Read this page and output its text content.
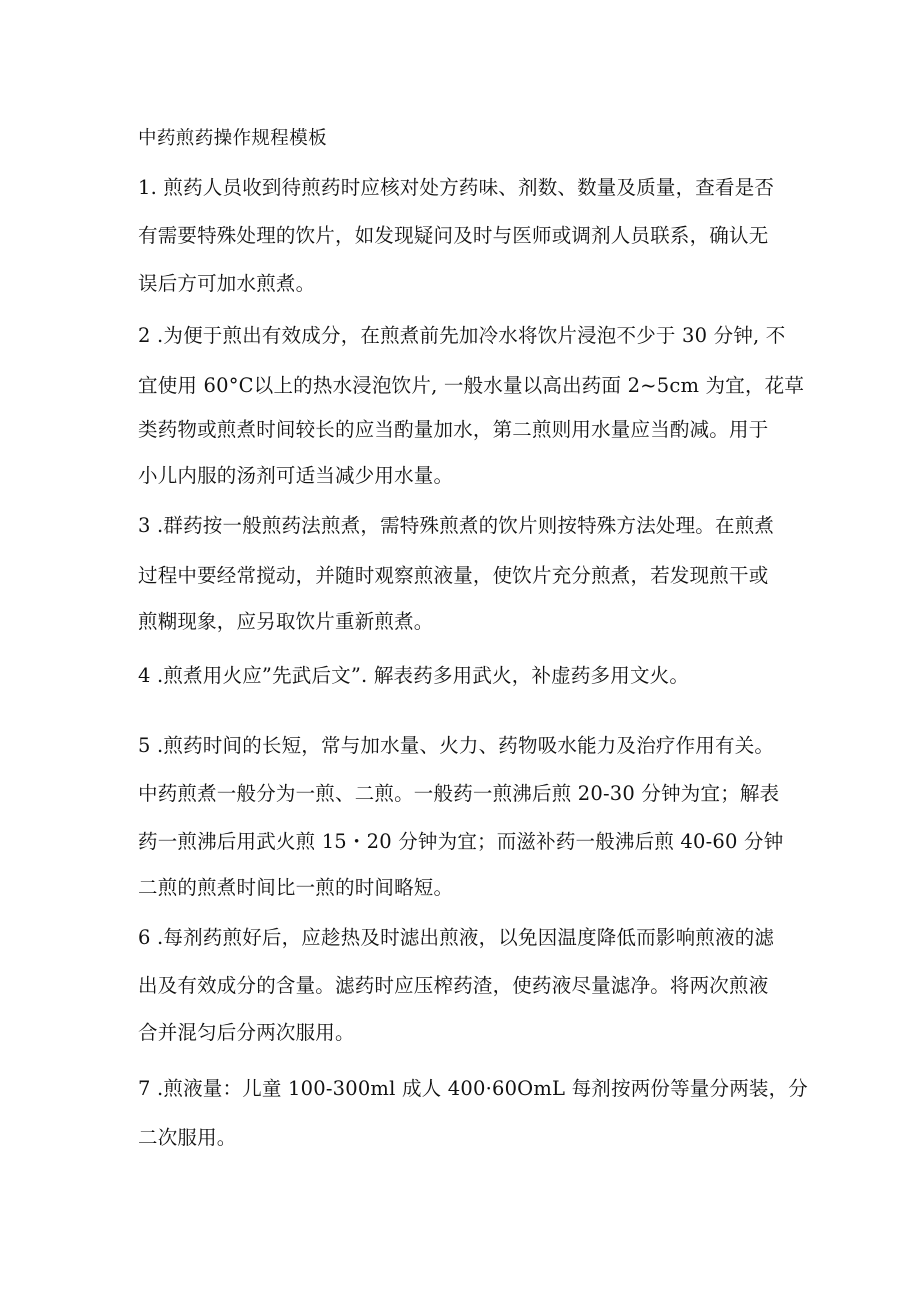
中药煎药操作规程模板
1. 煎药人员收到待煎药时应核对处方药味、剂数、数量及质量，查看是否
有需要特殊处理的饮片，如发现疑问及时与医师或调剂人员联系，确认无
误后方可加水煎煮。
2 .为便于煎出有效成分，在煎煮前先加冷水将饮片浸泡不少于 30 分钟, 不
宜使用 60°C以上的热水浸泡饮片, 一般水量以高出药面 2~5cm 为宜，花草
类药物或煎煮时间较长的应当酌量加水，第二煎则用水量应当酌减。用于
小儿内服的汤剂可适当减少用水量。
3 .群药按一般煎药法煎煮，需特殊煎煮的饮片则按特殊方法处理。在煎煮
过程中要经常搅动，并随时观察煎液量，使饮片充分煎煮，若发现煎干或
煎糊现象，应另取饮片重新煎煮。
4 .煎煮用火应”先武后文”. 解表药多用武火，补虚药多用文火。
5 .煎药时间的长短，常与加水量、火力、药物吸水能力及治疗作用有关。
中药煎煮一般分为一煎、二煎。一般药一煎沸后煎 20-30 分钟为宜；解表
药一煎沸后用武火煎 15・20 分钟为宜；而滋补药一般沸后煎 40-60 分钟
二煎的煎煮时间比一煎的时间略短。
6 .每剂药煎好后，应趁热及时滤出煎液，以免因温度降低而影响煎液的滤
出及有效成分的含量。滤药时应压榨药渣，使药液尽量滤净。将两次煎液
合并混匀后分两次服用。
7 .煎液量：儿童 100-300ml 成人 400·60OmL 每剂按两份等量分两装，分
二次服用。
